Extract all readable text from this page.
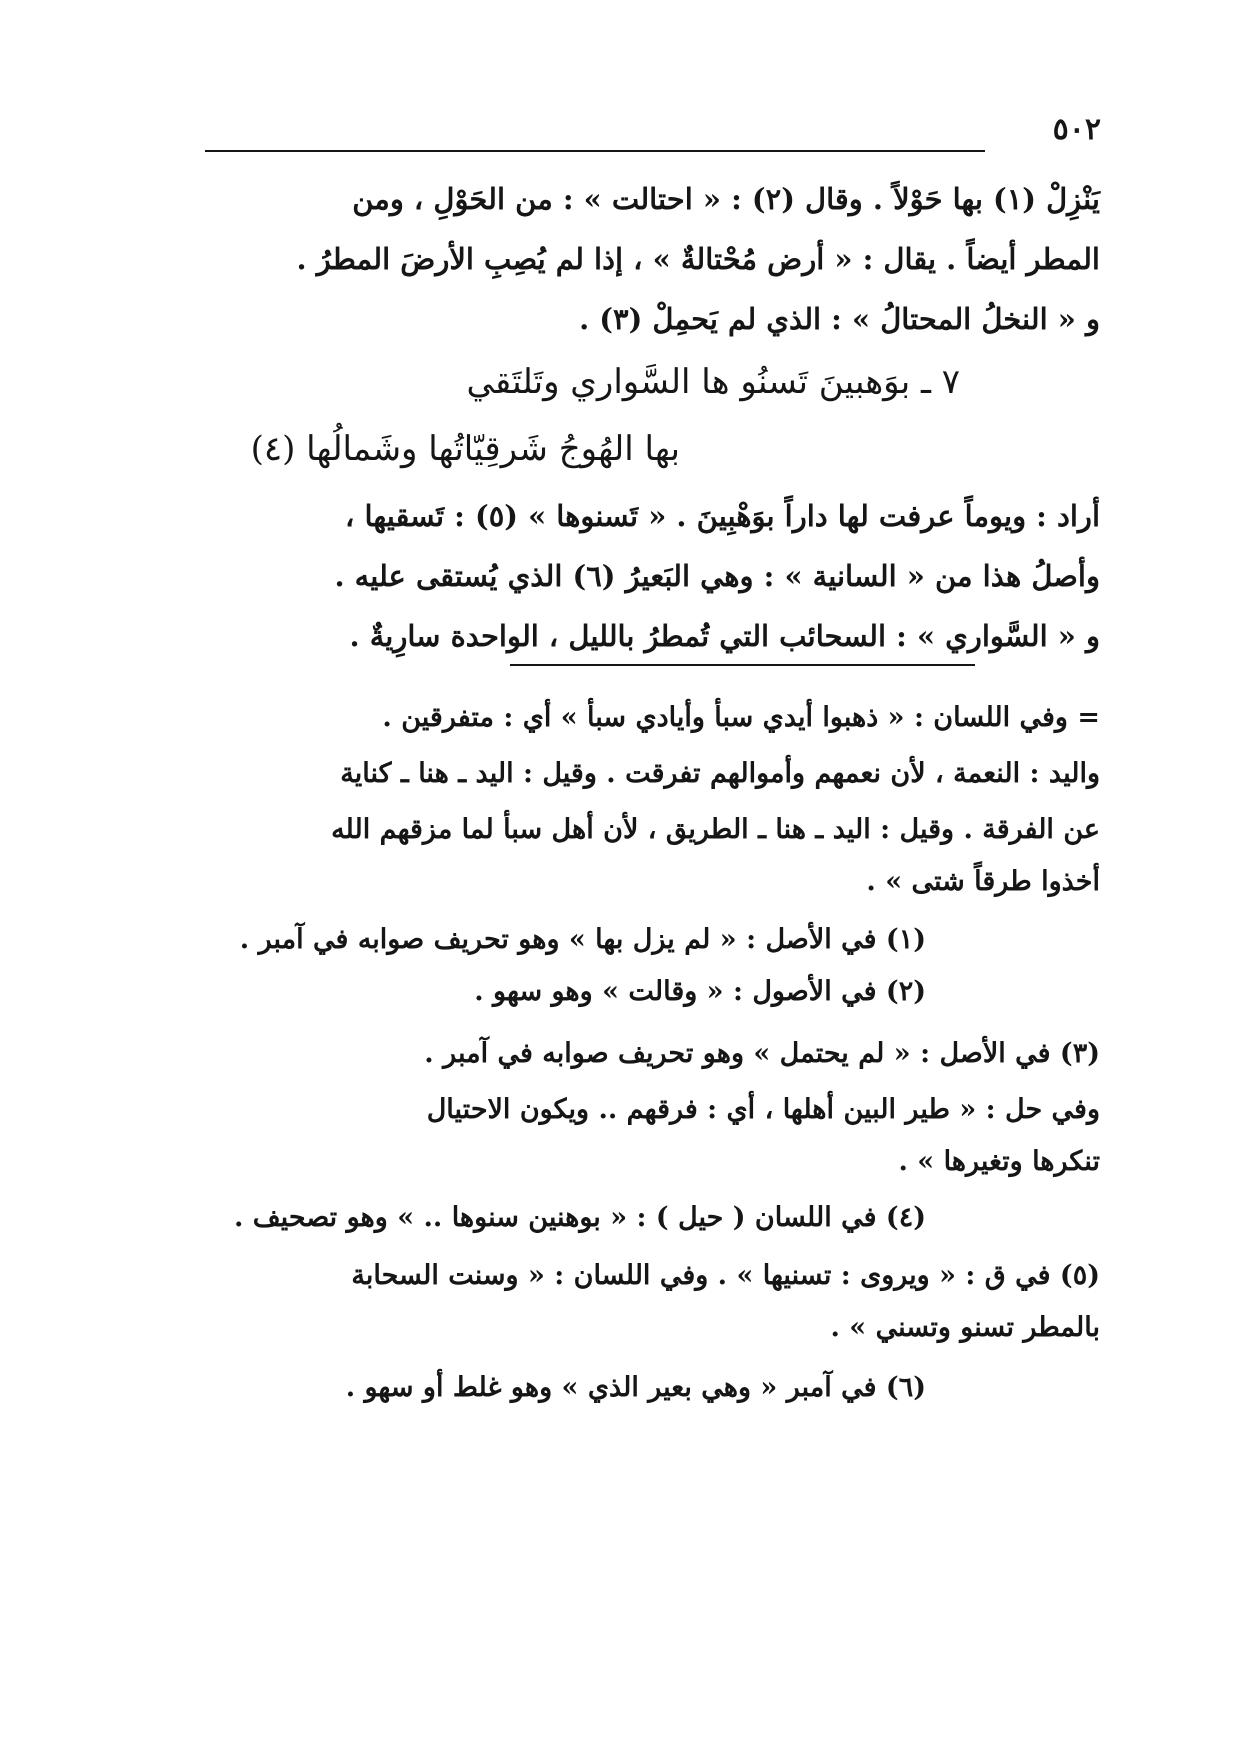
٥٠٢
يَنْزِلْ (١) بها حَوْلاً . وقال (٢) : « احتالت » : من الحَوْلِ ، ومن
المطر أيضاً . يقال : « أرض مُحْتالةٌ » ، إذا لم يُصِبِ الأرضَ المطرُ .
و « النخلُ المحتالُ » : الذي لم يَحمِلْ (٣) .
٧ ـ بوَهبينَ تَسنُو ها السَّواري وتَلتَقي
بها الهُوجُ شَرقِيّاتُها وشَمالُها (٤)
أراد : ويوماً عرفت لها داراً بوَهْبِينَ . « تَسنوها » (٥) : تَسقيها ،
وأصلُ هذا من « السانية » : وهي البَعيرُ (٦) الذي يُستقى عليه .
و « السَّواري » : السحائب التي تُمطرُ بالليل ، الواحدة سارِيةٌ .
= وفي اللسان : « ذهبوا أيدي سبأ وأيادي سبأ » أي : متفرقين .
واليد : النعمة ، لأن نعمهم وأموالهم تفرقت . وقيل : اليد ـ هنا ـ كناية
عن الفرقة . وقيل : اليد ـ هنا ـ الطريق ، لأن أهل سبأ لما مزقهم الله
أخذوا طرقاً شتى » .
(١) في الأصل : « لم يزل بها » وهو تحريف صوابه في آمبر .
(٢) في الأصول : « وقالت » وهو سهو .
(٣) في الأصل : « لم يحتمل » وهو تحريف صوابه في آمبر .
وفي حل : « طير البين أهلها ، أي : فرقهم .. ويكون الاحتيال
تنكرها وتغيرها » .
(٤) في اللسان ( حيل ) : « بوهنين سنوها .. » وهو تصحيف .
(٥) في ق : « ويروى : تسنيها » . وفي اللسان : « وسنت السحابة
بالمطر تسنو وتسني » .
(٦) في آمبر « وهي بعير الذي » وهو غلط أو سهو .
